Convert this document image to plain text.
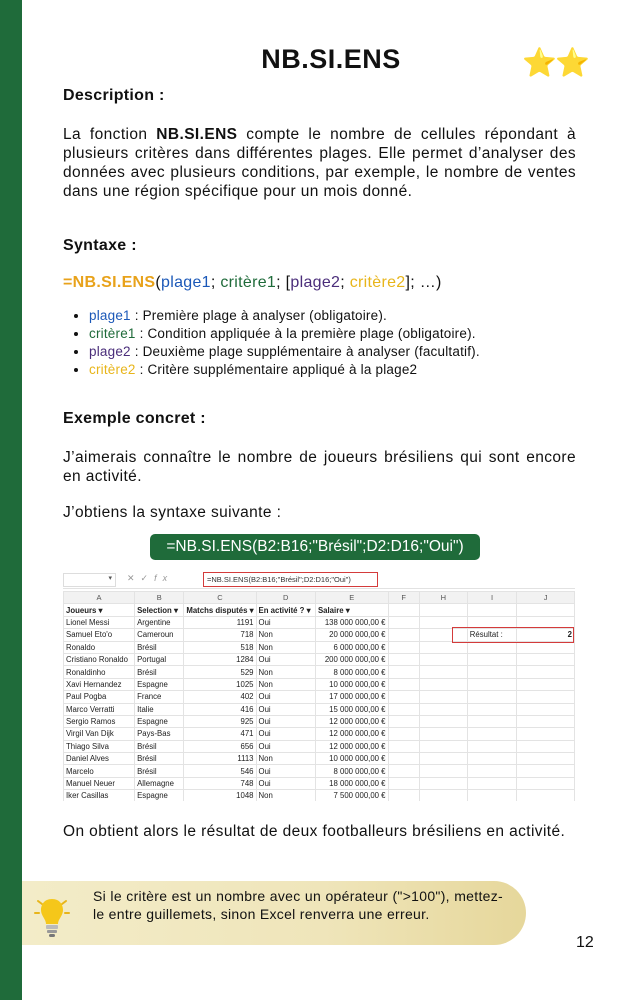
NB.SI.ENS	⭐⭐
Description :
La fonction NB.SI.ENS compte le nombre de cellules répondant à plusieurs critères dans différentes plages. Elle permet d’analyser des données avec plusieurs conditions, par exemple, le nombre de ventes dans une région spécifique pour un mois donné.
Syntaxe :
=NB.SI.ENS(plage1; critère1; [plage2; critère2]; …)
• plage1 : Première plage à analyser (obligatoire).
• critère1 : Condition appliquée à la première plage (obligatoire).
• plage2 : Deuxième plage supplémentaire à analyser (facultatif).
• critère2 : Critère supplémentaire appliqué à la plage2
Exemple concret :
J’aimerais connaître le nombre de joueurs brésiliens qui sont encore en activité.
J’obtiens la syntaxe suivante :
=NB.SI.ENS(B2:B16;"Brésil";D2:D16;"Oui")
▾	✕✓fx	=NB.SI.ENS(B2:B16;"Brésil";D2:D16;"Oui")
A	B	C	D	E	F	H	I	J
Joueurs ▾	Selection ▾	Matchs disputés ▾	En activité ? ▾	Salaire ▾				
Lionel Messi	Argentine	1191	Oui	138 000 000,00 €				
Samuel Eto'o	Cameroun	718	Non	20 000 000,00 €			Résultat :	2
Ronaldo	Brésil	518	Non	6 000 000,00 €				
Cristiano Ronaldo	Portugal	1284	Oui	200 000 000,00 €				
Ronaldinho	Brésil	529	Non	8 000 000,00 €				
Xavi Hernandez	Espagne	1025	Non	10 000 000,00 €				
Paul Pogba	France	402	Oui	17 000 000,00 €				
Marco Verratti	Italie	416	Oui	15 000 000,00 €				
Sergio Ramos	Espagne	925	Oui	12 000 000,00 €				
Virgil Van Dijk	Pays-Bas	471	Oui	12 000 000,00 €				
Thiago Silva	Brésil	656	Oui	12 000 000,00 €				
Daniel Alves	Brésil	1113	Non	10 000 000,00 €				
Marcelo	Brésil	546	Oui	8 000 000,00 €				
Manuel Neuer	Allemagne	748	Oui	18 000 000,00 €				
Iker Casillas	Espagne	1048	Non	7 500 000,00 €				
On obtient alors le résultat de deux footballeurs brésiliens en activité.
Si le critère est un nombre avec un opérateur (">100"), mettez-le entre guillemets, sinon Excel renverra une erreur.
12
